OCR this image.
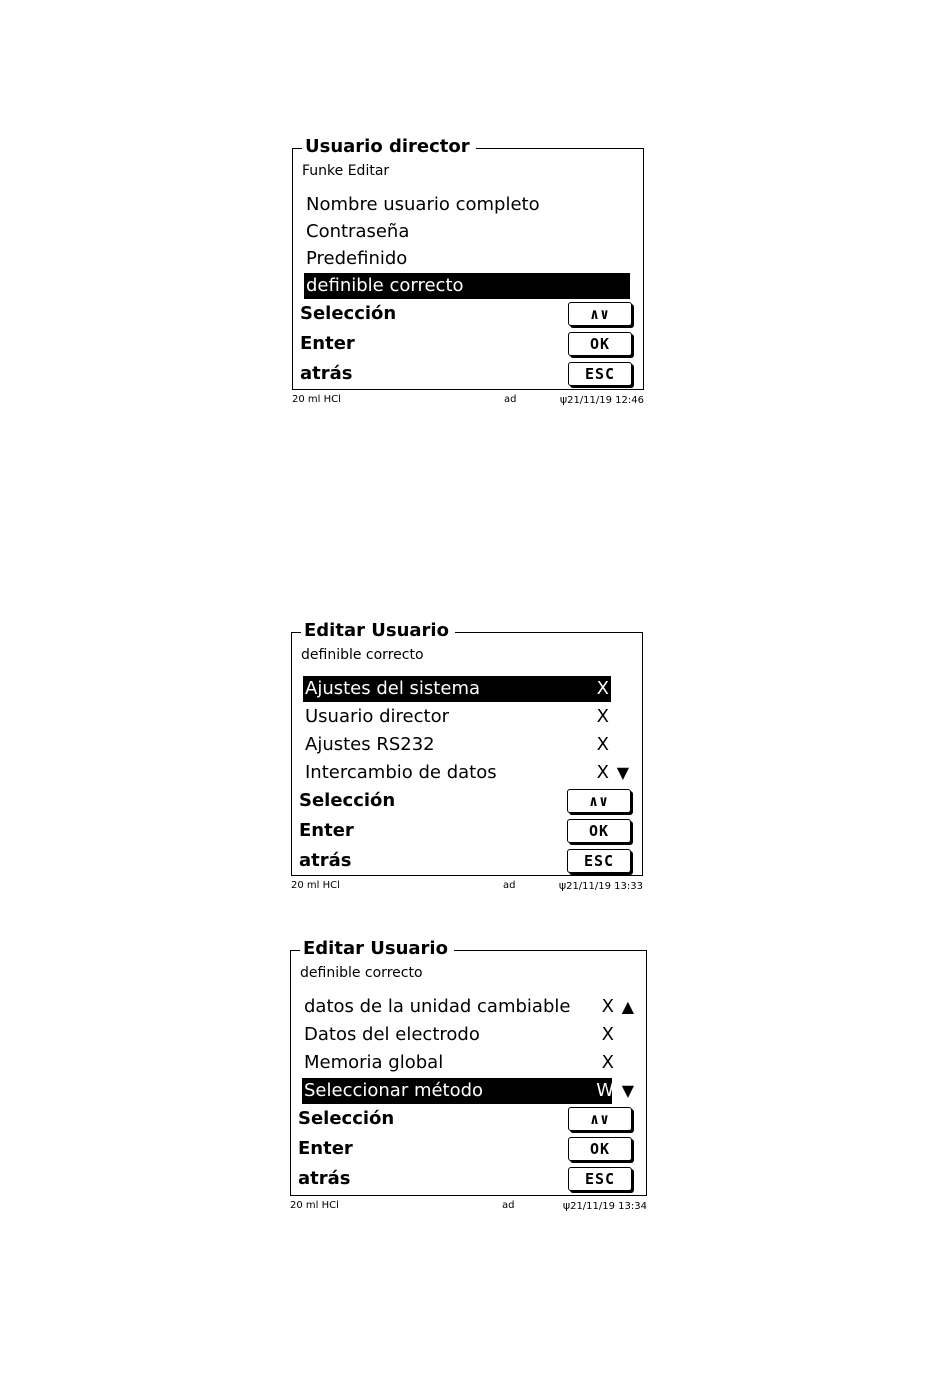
Usuario director
Funke Editar
Nombre usuario completo
Contraseña
Predefinido
definible correcto
Selección	∧∨
Enter	OK
atrás	ESC
20 ml HCl	ad	ψ21/11/19 12:46
Editar Usuario
definible correcto
Ajustes del sistema	X
Usuario director	X
Ajustes RS232	X
Intercambio de datos	X ▼
Selección	∧∨
Enter	OK
atrás	ESC
20 ml HCl	ad	ψ21/11/19 13:33
Editar Usuario
definible correcto
datos de la unidad cambiable X ▲
Datos del electrodo	X
Memoria global	X
Seleccionar método	W ▼
Selección	∧∨
Enter	OK
atrás	ESC
20 ml HCl	ad	ψ21/11/19 13:34
